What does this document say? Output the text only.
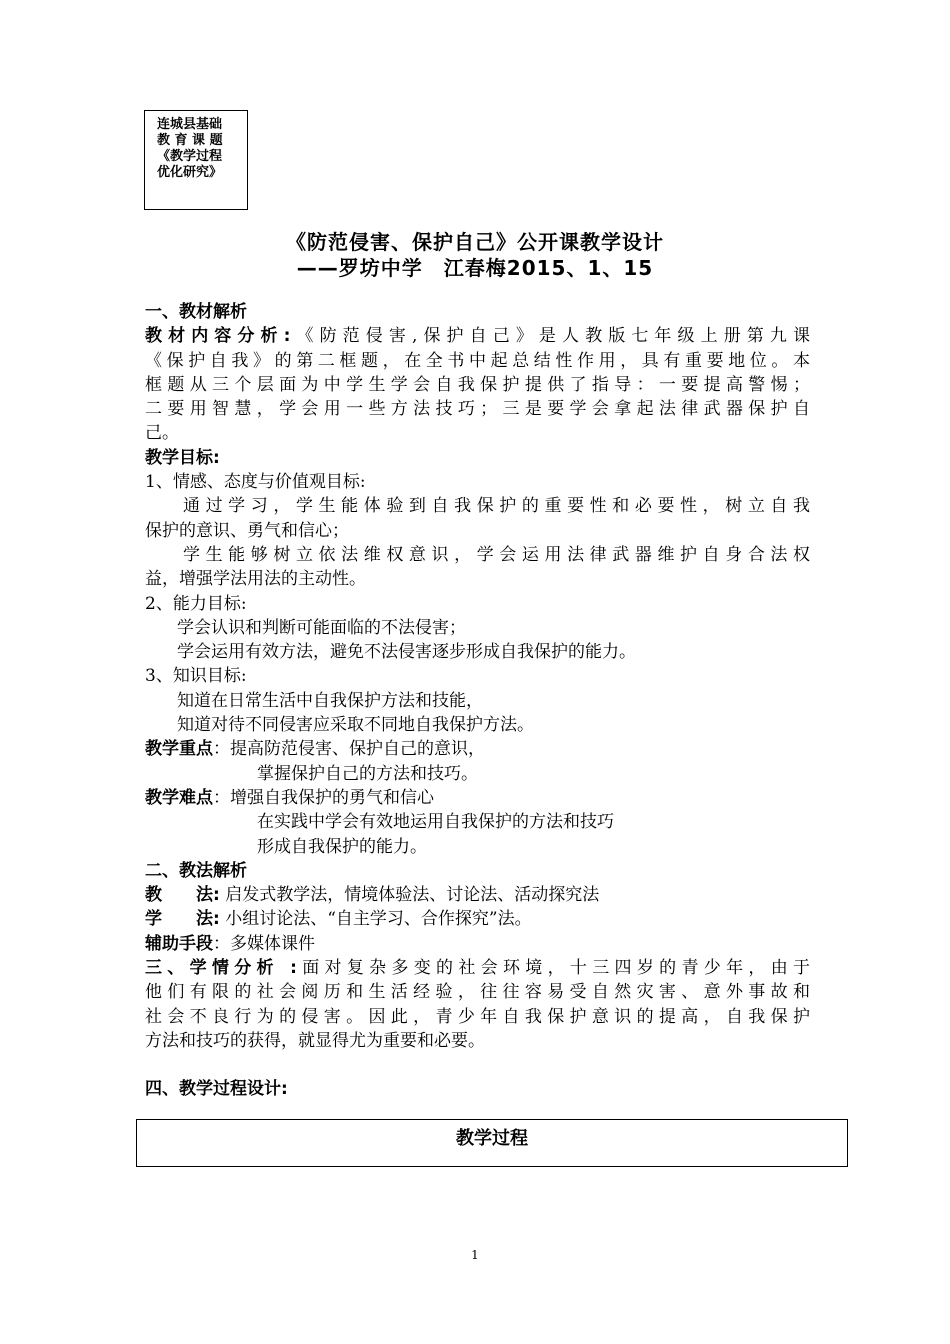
连城县基础
教 育 课 题
《教学过程
优化研究》
《防范侵害、保护自己》公开课教学设计
——罗坊中学　江春梅2015、1、15

一、教材解析

教材内容分析:《防范侵害,保护自己》是人教版七年级上册第九课

《保护自我》的第二框题，在全书中起总结性作用，具有重要地位。本

框题从三个层面为中学生学会自我保护提供了指导：一要提高警惕；

二要用智慧，学会用一些方法技巧；三是要学会拿起法律武器保护自

己。

教学目标:

1、情感、态度与价值观目标:

通过学习，学生能体验到自我保护的重要性和必要性，树立自我

保护的意识、勇气和信心；

学生能够树立依法维权意识，学会运用法律武器维护自身合法权

益，增强学法用法的主动性。

2、能力目标:

学会认识和判断可能面临的不法侵害；

学会运用有效方法，避免不法侵害逐步形成自我保护的能力。

3、知识目标:

知道在日常生活中自我保护方法和技能，

知道对待不同侵害应采取不同地自我保护方法。

教学重点：提高防范侵害、保护自己的意识，

掌握保护自己的方法和技巧。

教学难点：增强自我保护的勇气和信心

在实践中学会有效地运用自我保护的方法和技巧

形成自我保护的能力。

二、教法解析

教　　法: 启发式教学法，情境体验法、讨论法、活动探究法

学　　法: 小组讨论法、“自主学习、合作探究”法。

辅助手段：多媒体课件

三、学情分析 :面对复杂多变的社会环境，十三四岁的青少年，由于

他们有限的社会阅历和生活经验，往往容易受自然灾害、意外事故和

社会不良行为的侵害。因此，青少年自我保护意识的提高，自我保护

方法和技巧的获得，就显得尤为重要和必要。

四、教学过程设计:

教学过程
1
